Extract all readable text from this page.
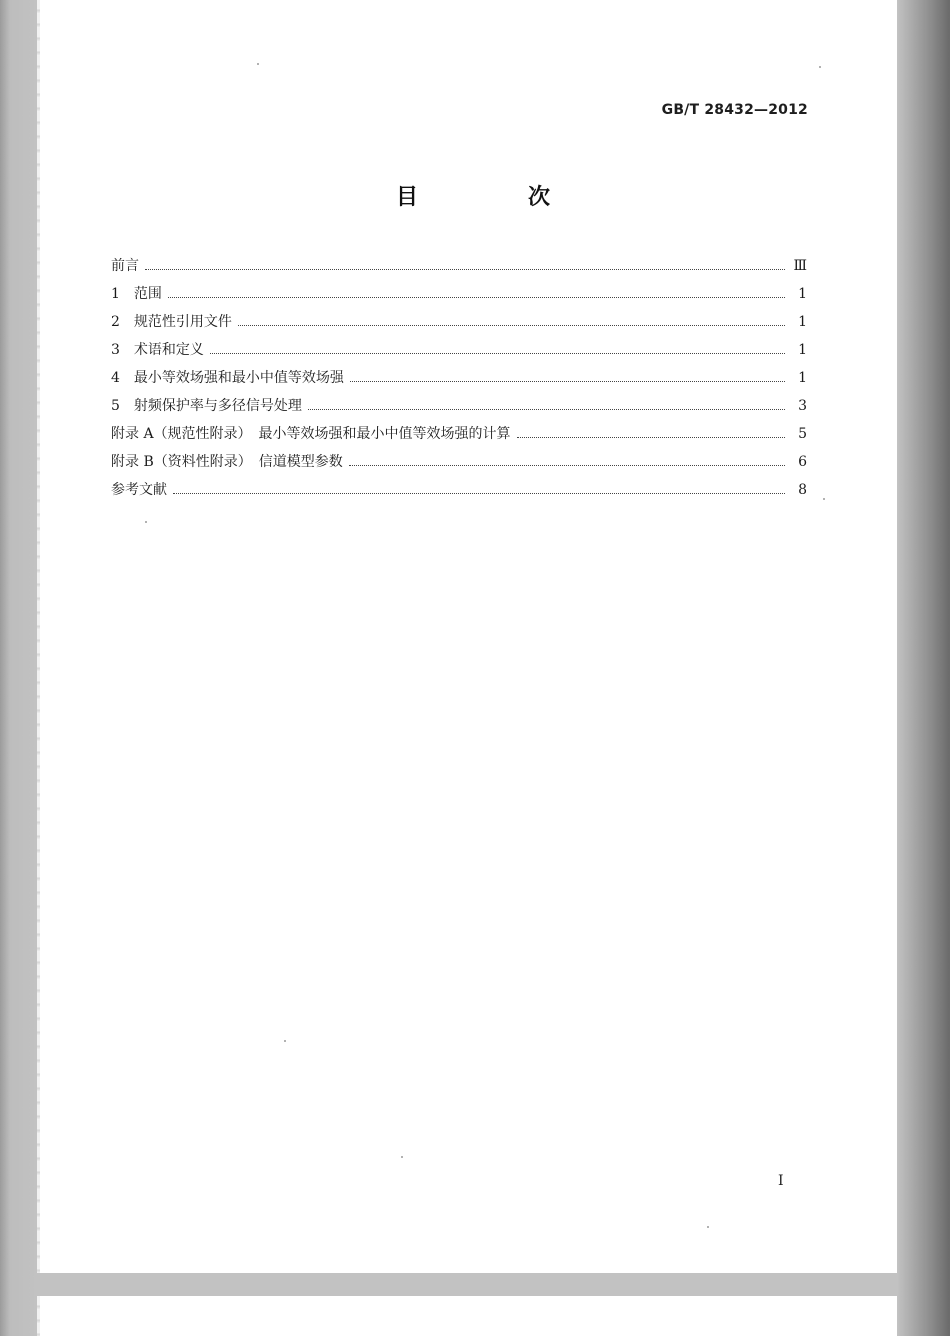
GB/T 28432—2012
目　次
前言	Ⅲ
1　范围	1
2　规范性引用文件	1
3　术语和定义	1
4　最小等效场强和最小中值等效场强	1
5　射频保护率与多径信号处理	3
附录 A（规范性附录）　最小等效场强和最小中值等效场强的计算	5
附录 B（资料性附录）　信道模型参数	6
参考文献	8
I
